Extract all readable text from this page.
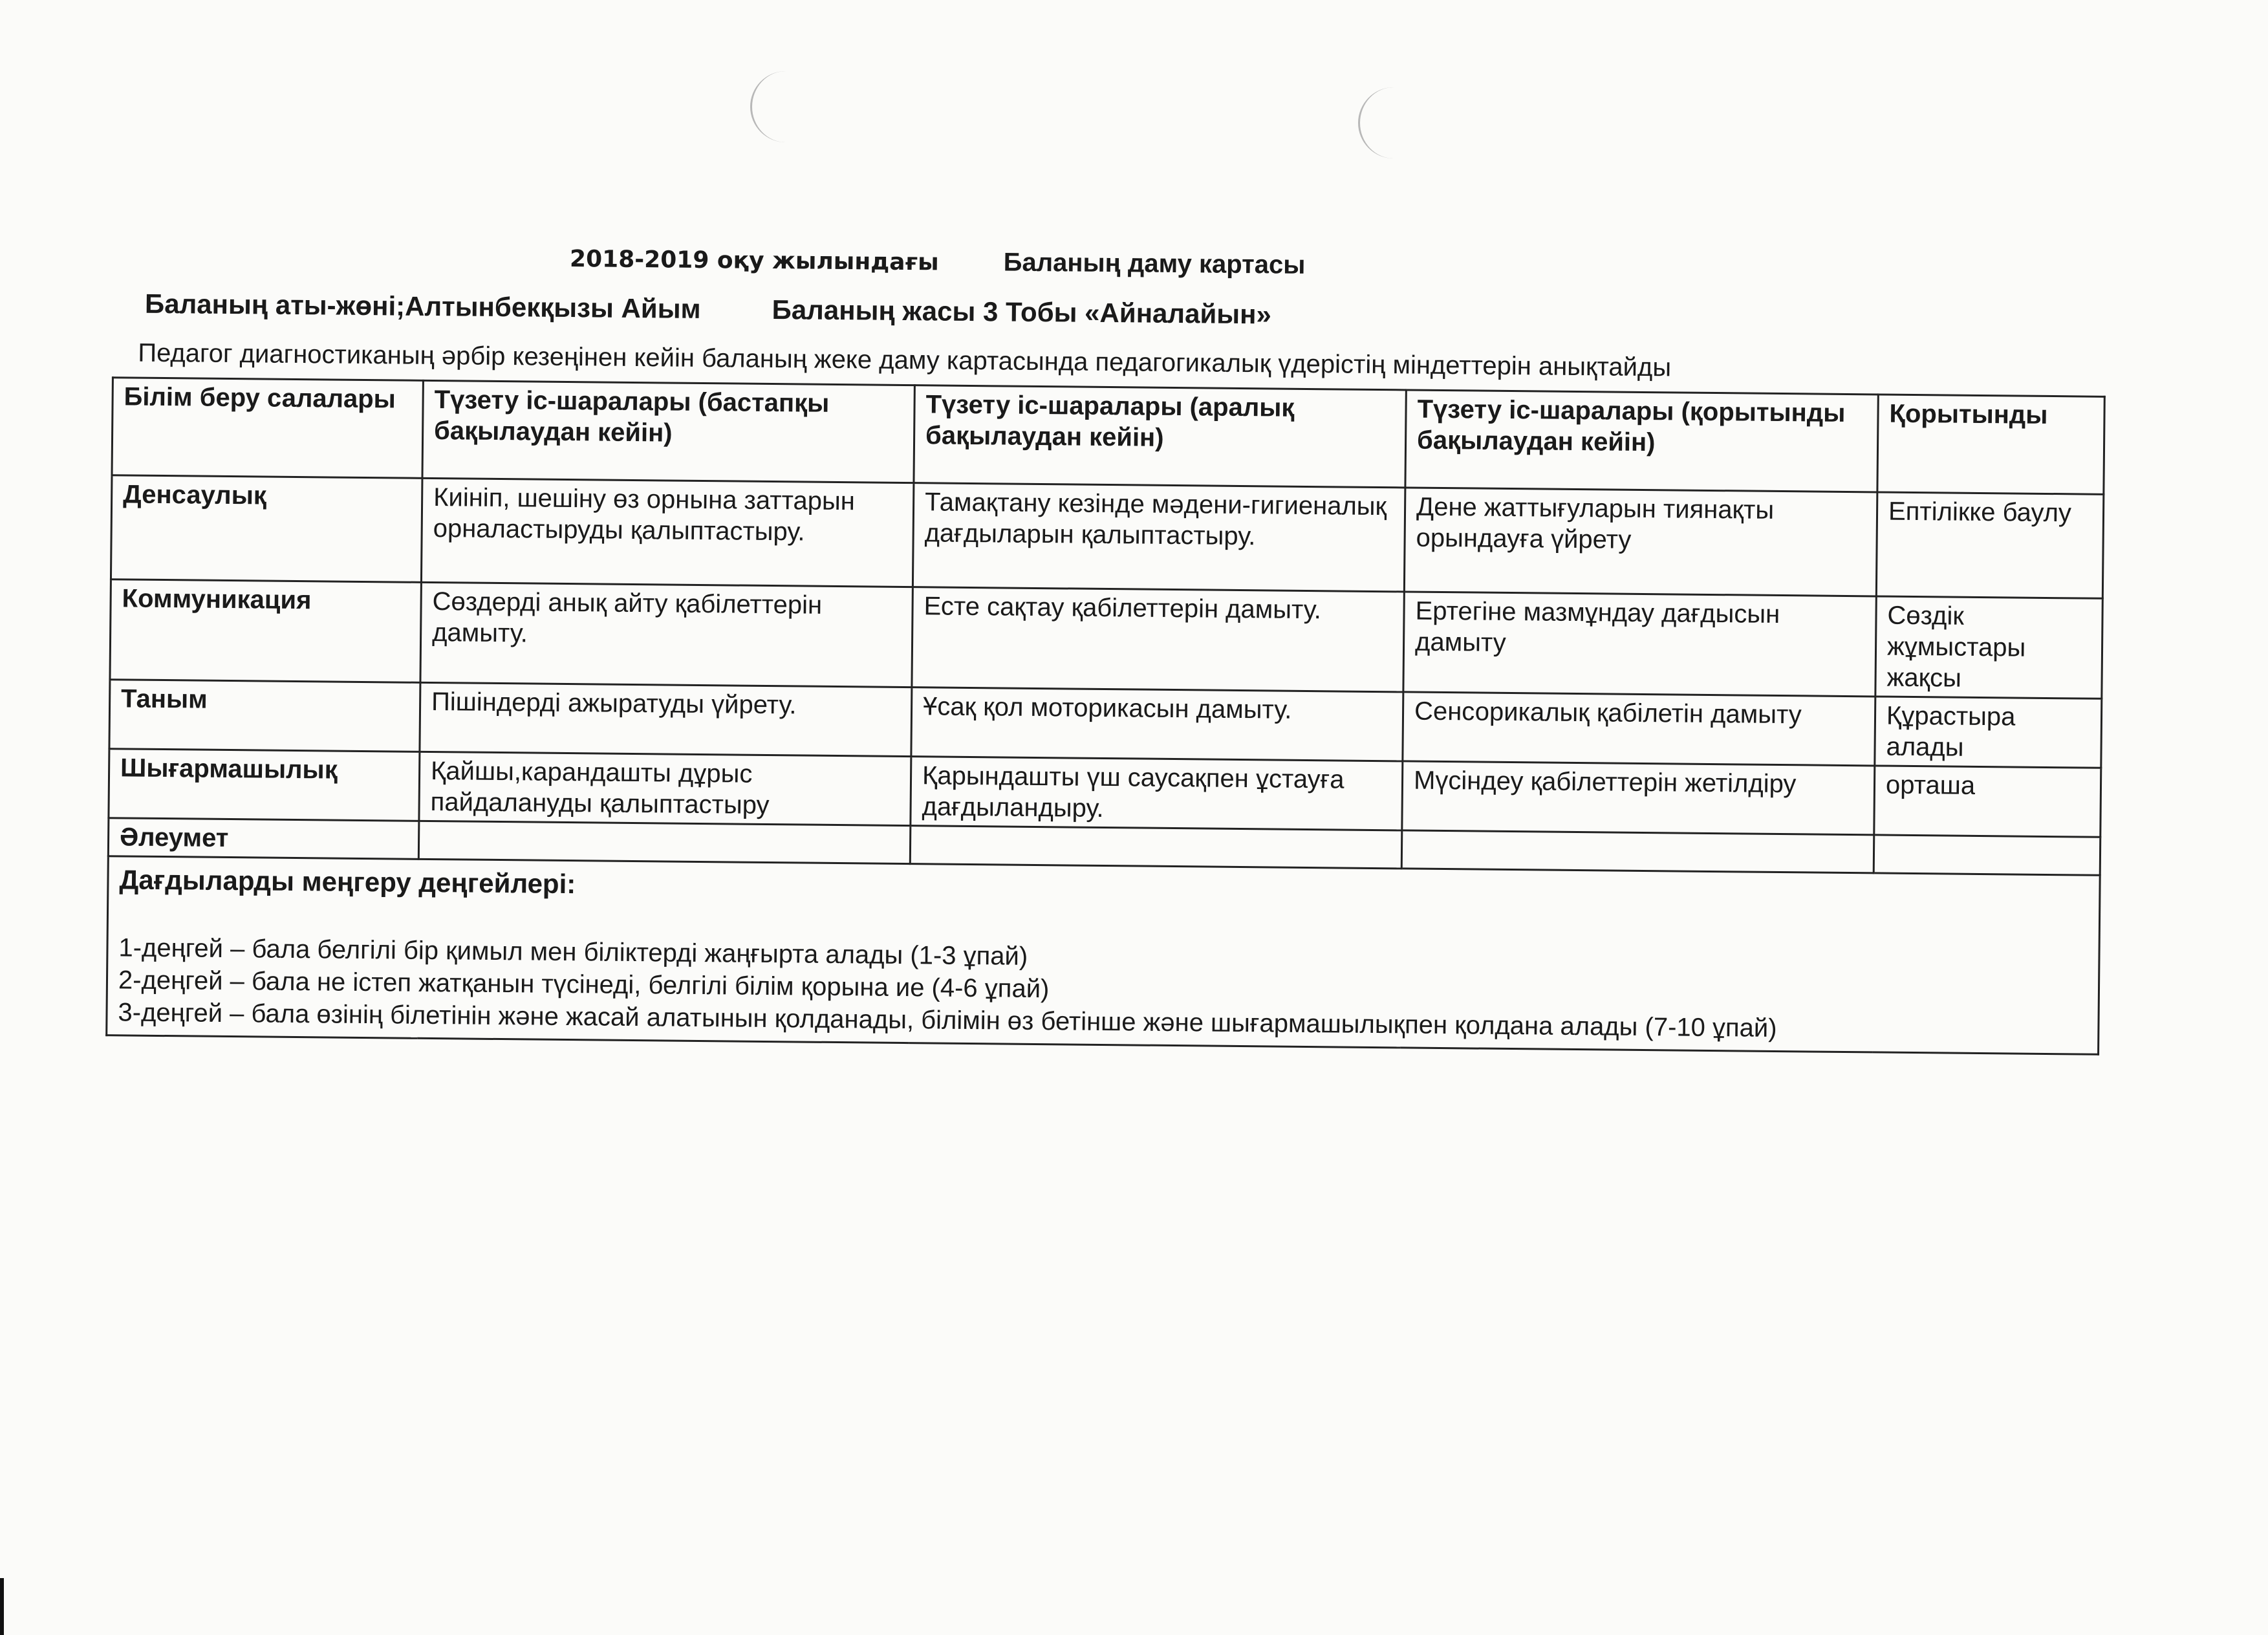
2018-2019 оқу жылындағы Баланың даму картасы
Баланың аты-жөні;Алтынбекқызы Айым	Баланың жасы 3 Тобы «Айналайын»
Педагог диагностиканың әрбір кезеңінен кейін баланың жеке даму картасында педагогикалық үдерістің міндеттерін анықтайды
Білім беру салалары	Түзету іс-шаралары (бастапқы бақылаудан кейін)	Түзету іс-шаралары (аралық бақылаудан кейін)	Түзету іс-шаралары (қорытынды бақылаудан кейін)	Қорытынды
Денсаулық	Киініп, шешіну өз орнына заттарын орналастыруды қалыптастыру.	Тамақтану кезінде мәдени-гигиеналық дағдыларын қалыптастыру.	Дене жаттығуларын тиянақты орындауға үйрету	Ептілікке баулу
Коммуникация	Сөздерді анық айту қабілеттерін дамыту.	Есте сақтау қабілеттерін дамыту.	Ертегіне мазмұндау дағдысын дамыту	Сөздік жұмыстары жақсы
Таным	Пішіндерді ажыратуды үйрету.	Ұсақ қол моторикасын дамыту.	Сенсорикалық қабілетін дамыту	Құрастыра алады
Шығармашылық	Қайшы,карандашты дұрыс пайдалануды қалыптастыру	Қарындашты үш саусақпен ұстауға дағдыландыру.	Мүсіндеу қабілеттерін жетілдіру	орташа
Әлеумет				

Дағдыларды меңгеру деңгейлері:
1-деңгей – бала белгілі бір қимыл мен біліктерді жаңғырта алады (1-3 ұпай)
2-деңгей – бала не істеп жатқанын түсінеді, белгілі білім қорына ие (4-6 ұпай)
3-деңгей – бала өзінің білетінін және жасай алатынын қолданады, білімін өз бетінше және шығармашылықпен қолдана алады (7-10 ұпай)				
